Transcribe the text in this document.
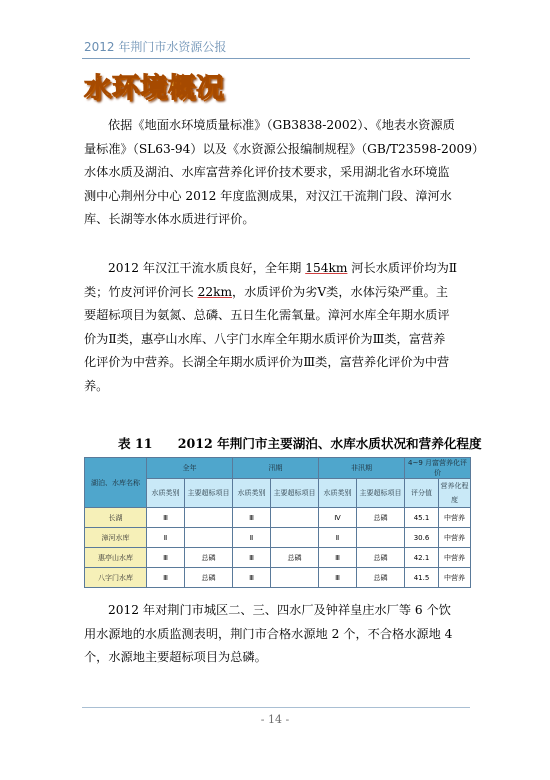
2012 年荆门市水资源公报
水环境概况
依据《地面水环境质量标准》（GB3838-2002）、《地表水资源质
量标准》（SL63-94）以及《水资源公报编制规程》（GB/T23598-2009）
水体水质及湖泊、水库富营养化评价技术要求，采用湖北省水环境监
测中心荆州分中心 2012 年度监测成果，对汉江干流荆门段、漳河水
库、长湖等水体水质进行评价。
2012 年汉江干流水质良好，全年期 154km 河长水质评价均为Ⅱ
类；竹皮河评价河长 22km，水质评价为劣Ⅴ类，水体污染严重。主
要超标项目为氨氮、总磷、五日生化需氧量。漳河水库全年期水质评
价为Ⅱ类，惠亭山水库、八宇门水库全年期水质评价为Ⅲ类，富营养
化评价为中营养。长湖全年期水质评价为Ⅲ类，富营养化评价为中营
养。
表 11　　2012 年荆门市主要湖泊、水库水质状况和营养化程度
湖泊、水库名称	全年		汛期		非汛期		4~9 月富营养化评价	
	水质类别	主要超标项目	水质类别	主要超标项目	水质类别	主要超标项目	评分值	营养化程度
长湖	Ⅲ		Ⅲ		Ⅳ	总磷	45.1	中营养
漳河水库	Ⅱ		Ⅱ		Ⅱ		30.6	中营养
惠亭山水库	Ⅲ	总磷	Ⅲ	总磷	Ⅲ	总磷	42.1	中营养
八字门水库	Ⅲ	总磷	Ⅲ		Ⅲ	总磷	41.5	中营养
2012 年对荆门市城区二、三、四水厂及钟祥皇庄水厂等 6 个饮
用水源地的水质监测表明，荆门市合格水源地 2 个，不合格水源地 4
个，水源地主要超标项目为总磷。
- 14 -
